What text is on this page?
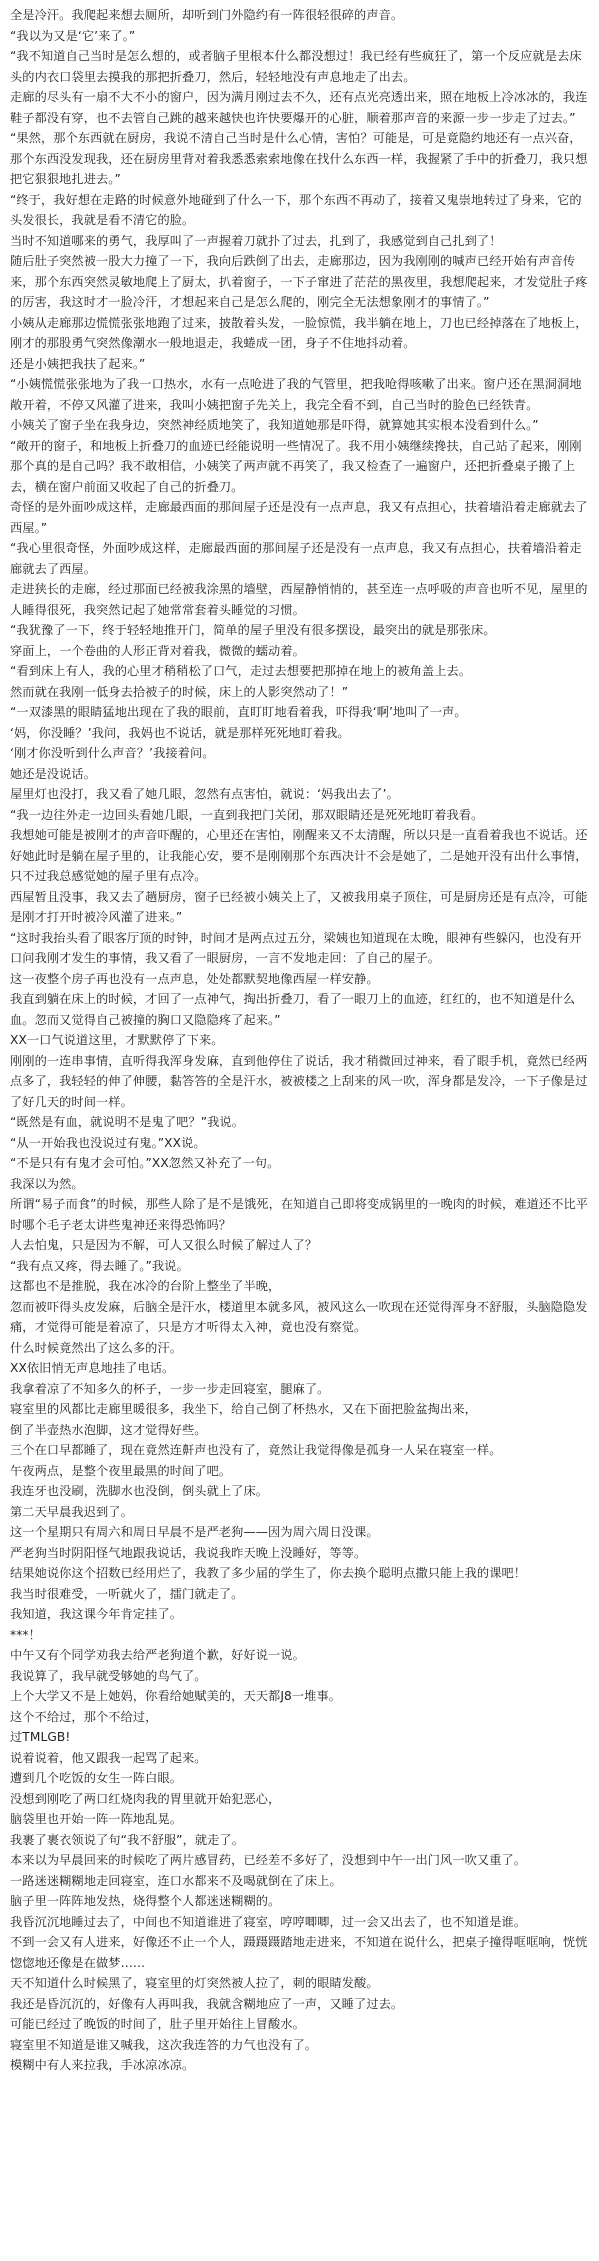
全是冷汗。我爬起来想去厕所，却听到门外隐约有一阵很轻很碎的声音。

“我以为又是‘它’来了。”

“我不知道自己当时是怎么想的，或者脑子里根本什么都没想过！我已经有些疯狂了，第一个反应就是去床头的内衣口袋里去摸我的那把折叠刀，然后，轻轻地没有声息地走了出去。

走廊的尽头有一扇不大不小的窗户，因为满月刚过去不久，还有点光亮透出来，照在地板上冷冰冰的，我连鞋子都没有穿，也不去管自己跳的越来越快也许快要爆开的心脏，顺着那声音的来源一步一步走了过去。”

“果然，那个东西就在厨房，我说不清自己当时是什么心情，害怕？可能是，可是竟隐约地还有一点兴奋，那个东西没发现我，还在厨房里背对着我悉悉索索地像在找什么东西一样，我握紧了手中的折叠刀，我只想把它狠狠地扎进去。”

“终于，我好想在走路的时候意外地碰到了什么一下，那个东西不再动了，接着又鬼崇地转过了身来，它的头发很长，我就是看不清它的脸。

当时不知道哪来的勇气，我厚叫了一声握着刀就扑了过去，扎到了，我感觉到自己扎到了！

随后肚子突然被一股大力撞了一下，我向后跌倒了出去，走廊那边，因为我刚刚的喊声已经开始有声音传来，那个东西突然灵敏地爬上了厨太，扒着窗子，一下子窜进了茫茫的黑夜里，我想爬起来，才发觉肚子疼的厉害，我这时才一脸冷汗，才想起来自己是怎么爬的，刚完全无法想象刚才的事情了。”

小姨从走廊那边慌慌张张地跑了过来，披散着头发，一脸惊慌，我半躺在地上，刀也已经掉落在了地板上，刚才的那股勇气突然像潮水一般地退走，我蜷成一团，身子不住地抖动着。

还是小姨把我扶了起来。”

“小姨慌慌张张地为了我一口热水，水有一点呛进了我的气管里，把我呛得咳嗽了出来。窗户还在黑洞洞地敞开着，不停又风灌了进来，我叫小姨把窗子先关上，我完全看不到，自己当时的脸色已经铁青。

小姨关了窗子坐在我身边，突然神经质地笑了，我知道她那是吓得，就算她其实根本没看到什么。”

“敞开的窗子，和地板上折叠刀的血迹已经能说明一些情况了。我不用小姨继续搀扶，自己站了起来，刚刚那个真的是自己吗？我不敢相信，小姨笑了两声就不再笑了，我又检查了一遍窗户，还把折叠桌子搬了上去，横在窗户前面又收起了自己的折叠刀。

奇怪的是外面吵成这样，走廊最西面的那间屋子还是没有一点声息，我又有点担心，扶着墙沿着走廊就去了西屋。”

“我心里很奇怪，外面吵成这样，走廊最西面的那间屋子还是没有一点声息，我又有点担心，扶着墙沿着走廊就去了西屋。

走进狭长的走廊，经过那面已经被我涂黑的墙壁，西屋静悄悄的，甚至连一点呼吸的声音也听不见，屋里的人睡得很死，我突然记起了她常常套着头睡觉的习惯。

“我犹豫了一下，终于轻轻地推开门，简单的屋子里没有很多摆设，最突出的就是那张床。

穿面上，一个卷曲的人形正背对着我，微微的蠕动着。

“看到床上有人，我的心里才稍稍松了口气，走过去想要把那掉在地上的被角盖上去。

然而就在我刚一低身去拾被子的时候，床上的人影突然动了！”

“一双漆黑的眼睛猛地出现在了我的眼前，直盯盯地看着我，吓得我‘啊’地叫了一声。

‘妈，你没睡？’我问，我妈也不说话，就是那样死死地盯着我。

‘刚才你没听到什么声音？’我接着问。

她还是没说话。

屋里灯也没打，我又看了她几眼，忽然有点害怕，就说：‘妈我出去了’。

“我一边往外走一边回头看她几眼，一直到我把门关闭，那双眼睛还是死死地盯着我看。

我想她可能是被刚才的声音吓醒的，心里还在害怕，刚醒来又不太清醒，所以只是一直看着我也不说话。还好她此时是躺在屋子里的，让我能心安，要不是刚刚那个东西决计不会是她了，二是她开没有出什么事情，只不过我总感觉她的屋子里有点冷。

西屋暂且没事，我又去了趟厨房，窗子已经被小姨关上了，又被我用桌子顶住，可是厨房还是有点冷，可能是刚才打开时被冷风灌了进来。”

“这时我抬头看了眼客厅顶的时钟，时间才是两点过五分，梁姨也知道现在太晚，眼神有些躲闪，也没有开口问我刚才发生的事情，我又看了一眼厨房，一言不发地走回：了自己的屋子。

这一夜整个房子再也没有一点声息，处处都默契地像西屋一样安静。

我直到躺在床上的时候，才回了一点神气，掏出折叠刀，看了一眼刀上的血迹，红红的，也不知道是什么血。忽而又觉得自己被撞的胸口又隐隐疼了起来。”

XX一口气说道这里，才默默停了下来。

刚刚的一连串事情，直听得我浑身发麻，直到他停住了说话，我才稍微回过神来，看了眼手机，竟然已经两点多了，我轻轻的伸了伸腰，黏答答的全是汗水，被被楼之上刮来的风一吹，浑身都是发冷，一下子像是过了好几天的时间一样。

“既然是有血，就说明不是鬼了吧？”我说。

“从一开始我也没说过有鬼。”XX说。

“不是只有有鬼才会可怕。”XX忽然又补充了一句。

我深以为然。

所谓“易子而食”的时候，那些人除了是不是饿死，在知道自己即将变成锅里的一晚肉的时候，难道还不比平时哪个毛子老太讲些鬼神还来得恐怖吗？

人去怕鬼，只是因为不解，可人又很么时候了解过人了？

“我有点又疼，得去睡了。”我说。

这都也不是推脱，我在冰冷的台阶上整坐了半晚，

忽而被吓得头皮发麻，后脑全是汗水，楼道里本就多风，被风这么一吹现在还觉得浑身不舒服，头脑隐隐发痛，才觉得可能是着凉了，只是方才听得太入神，竟也没有察觉。

什么时候竟然出了这么多的汗。

XX依旧悄无声息地挂了电话。

我拿着凉了不知多久的杯子，一步一步走回寝室，腿麻了。

寝室里的风都比走廊里暖很多，我坐下，给自己倒了杯热水，又在下面把脸盆掏出来，

倒了半壶热水泡脚，这才觉得好些。

三个在口早都睡了，现在竟然连鼾声也没有了，竟然让我觉得像是孤身一人呆在寝室一样。

午夜两点，是整个夜里最黑的时间了吧。

我连牙也没刷，洗脚水也没倒，倒头就上了床。

第二天早晨我迟到了。

这一个星期只有周六和周日早晨不是严老狗——因为周六周日没课。

严老狗当时阴阳怪气地跟我说话，我说我昨天晚上没睡好，等等。

结果她说你这个招数已经用烂了，我教了多少届的学生了，你去换个聪明点撒只能上我的课吧！

我当时很难受，一听就火了，擂门就走了。

我知道，我这课今年肯定挂了。

***！

中午又有个同学劝我去给严老狗道个歉，好好说一说。

我说算了，我早就受够她的鸟气了。

上个大学又不是上她妈，你看给她赋美的，天天都J8一堆事。

这个不给过，那个不给过，

过TMLGB!

说着说着，他又跟我一起骂了起来。

遭到几个吃饭的女生一阵白眼。

没想到刚吃了两口红烧肉我的胃里就开始犯恶心，

脑袋里也开始一阵一阵地乱晃。

我裹了裹衣领说了句“我不舒服”，就走了。

本来以为早晨回来的时候吃了两片感冒药，已经差不多好了，没想到中午一出门风一吹又重了。

一路迷迷糊糊地走回寝室，连口水都来不及喝就倒在了床上。

脑子里一阵阵地发热，烧得整个人都迷迷糊糊的。

我昏沉沉地睡过去了，中间也不知道谁进了寝室，哼哼唧唧，过一会又出去了，也不知道是谁。

不到一会又有人进来，好像还不止一个人，蹑蹑蹑踏地走进来，不知道在说什么，把桌子撞得哐哐响，恍恍惚惚地还像是在做梦……

天不知道什么时候黑了，寝室里的灯突然被人拉了，刺的眼睛发酸。

我还是昏沉沉的，好像有人再叫我，我就含糊地应了一声，又睡了过去。

可能已经过了晚饭的时间了，肚子里开始往上冒酸水。

寝室里不知道是谁又喊我，这次我连答的力气也没有了。

模糊中有人来拉我，手冰凉冰凉。
